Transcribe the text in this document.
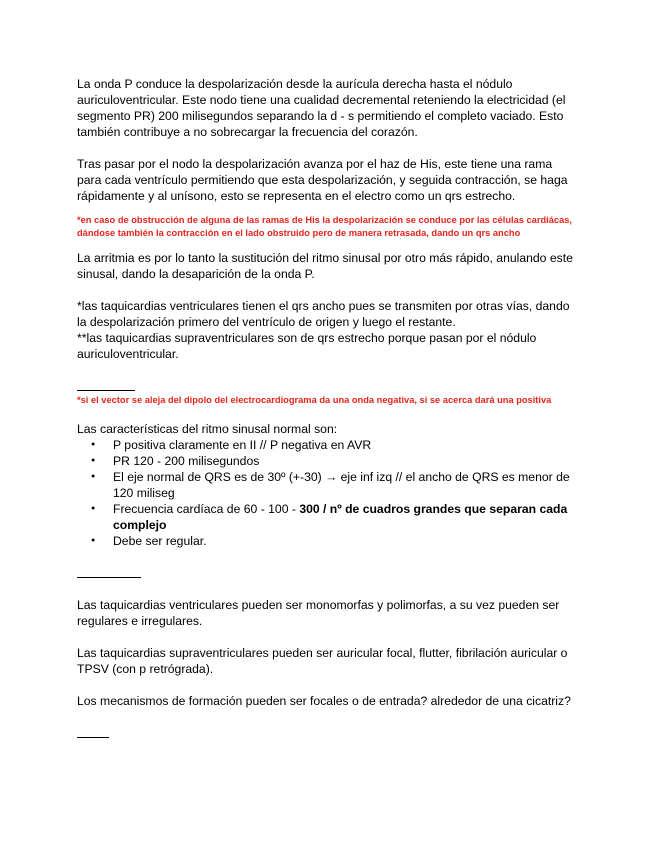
La onda P conduce la despolarización desde la aurícula derecha hasta el nódulo auriculoventricular. Este nodo tiene una cualidad decremental reteniendo la electricidad (el segmento PR) 200 milisegundos separando la d - s permitiendo el completo vaciado. Esto también contribuye a no sobrecargar la frecuencia del corazón.

Tras pasar por el nodo la despolarización avanza por el haz de His, este tiene una rama para cada ventrículo permitiendo que esta despolarización, y seguida contracción, se haga rápidamente y al unísono, esto se representa en el electro como un qrs estrecho.

*en caso de obstrucción de alguna de las ramas de His la despolarización se conduce por las células cardiácas, dándose también la contracción en el lado obstruido pero de manera retrasada, dando un qrs ancho

La arritmia es por lo tanto la sustitución del ritmo sinusal por otro más rápido, anulando este sinusal, dando la desaparición de la onda P.

*las taquicardias ventriculares tienen el qrs ancho pues se transmiten por otras vías, dando la despolarización primero del ventrículo de origen y luego el restante.

**las taquicardias supraventriculares son de qrs estrecho porque pasan por el nódulo auriculoventricular.

*si el vector se aleja del dipolo del electrocardiograma da una onda negativa, si se acerca dará una positiva

Las características del ritmo sinusal normal son:

● P positiva claramente en II // P negativa en AVR
● PR 120 - 200 milisegundos
● El eje normal de QRS es de 30º (+-30) → eje inf izq // el ancho de QRS es menor de 120 miliseg
● Frecuencia cardíaca de 60 - 100 - 300 / nº de cuadros grandes que separan cada complejo
● Debe ser regular.

Las taquicardias ventriculares pueden ser monomorfas y polimorfas, a su vez pueden ser regulares e irregulares.

Las taquicardias supraventriculares pueden ser auricular focal, flutter, fibrilación auricular o TPSV (con p retrógrada).

Los mecanismos de formación pueden ser focales o de entrada? alrededor de una cicatriz?
